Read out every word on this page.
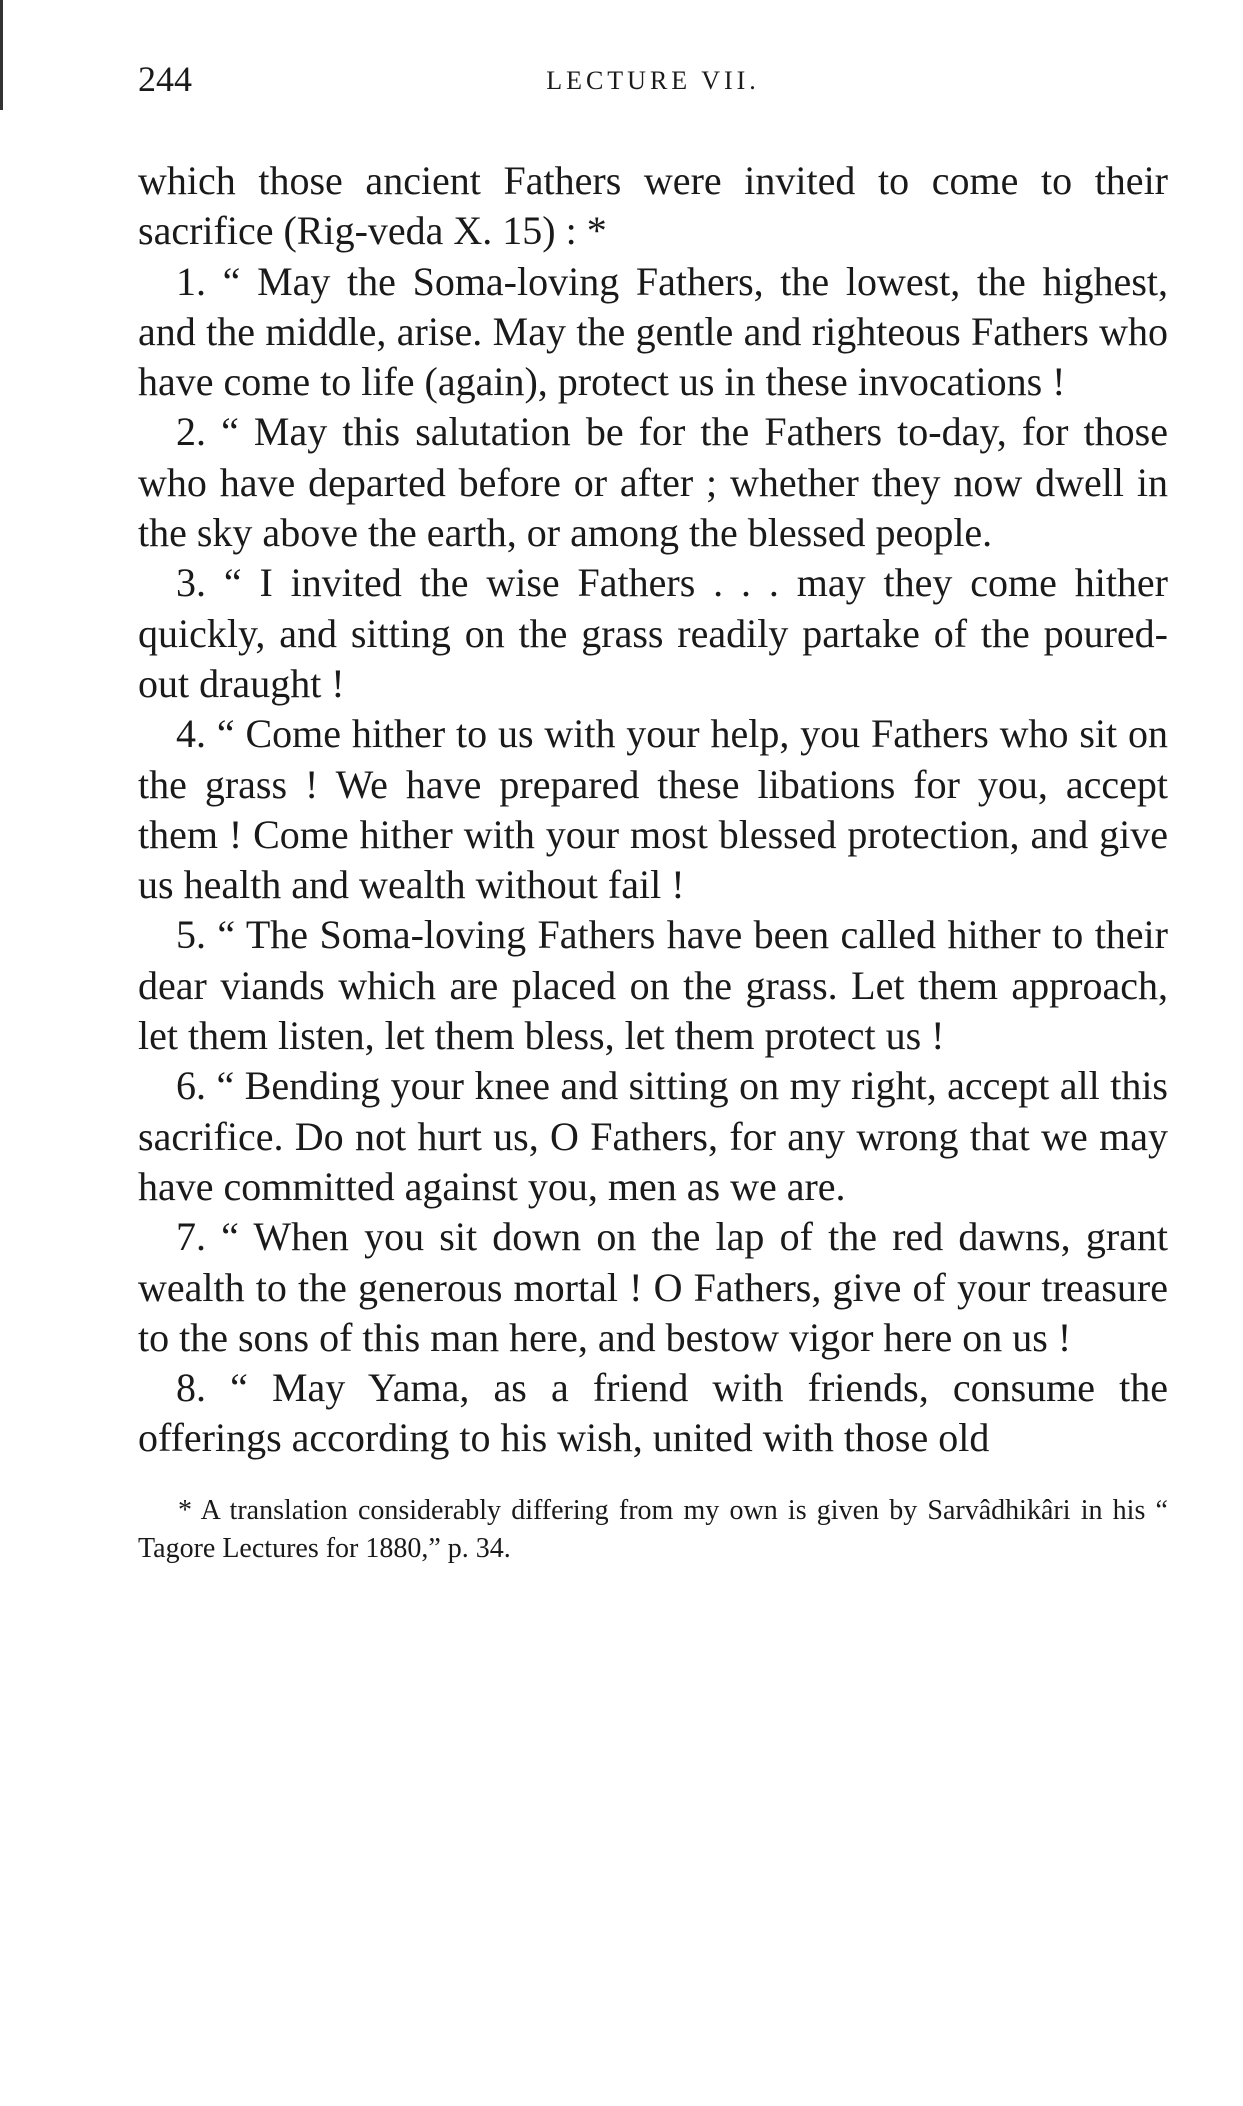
244	LECTURE VII.

which those ancient Fathers were invited to come to their sacrifice (Rig-veda X. 15) : *

1. “ May the Soma-loving Fathers, the lowest, the highest, and the middle, arise. May the gentle and righteous Fathers who have come to life (again), protect us in these invocations !

2. “ May this salutation be for the Fathers to-day, for those who have departed before or after ; whether they now dwell in the sky above the earth, or among the blessed people.

3. “ I invited the wise Fathers . . . may they come hither quickly, and sitting on the grass readily partake of the poured-out draught !

4. “ Come hither to us with your help, you Fathers who sit on the grass ! We have prepared these libations for you, accept them ! Come hither with your most blessed protection, and give us health and wealth without fail !

5. “ The Soma-loving Fathers have been called hither to their dear viands which are placed on the grass. Let them approach, let them listen, let them bless, let them protect us !

6. “ Bending your knee and sitting on my right, accept all this sacrifice. Do not hurt us, O Fathers, for any wrong that we may have committed against you, men as we are.

7. “ When you sit down on the lap of the red dawns, grant wealth to the generous mortal ! O Fathers, give of your treasure to the sons of this man here, and bestow vigor here on us !

8. “ May Yama, as a friend with friends, consume the offerings according to his wish, united with those old

* A translation considerably differing from my own is given by Sarvâdhikâri in his “ Tagore Lectures for 1880,” p. 34.
